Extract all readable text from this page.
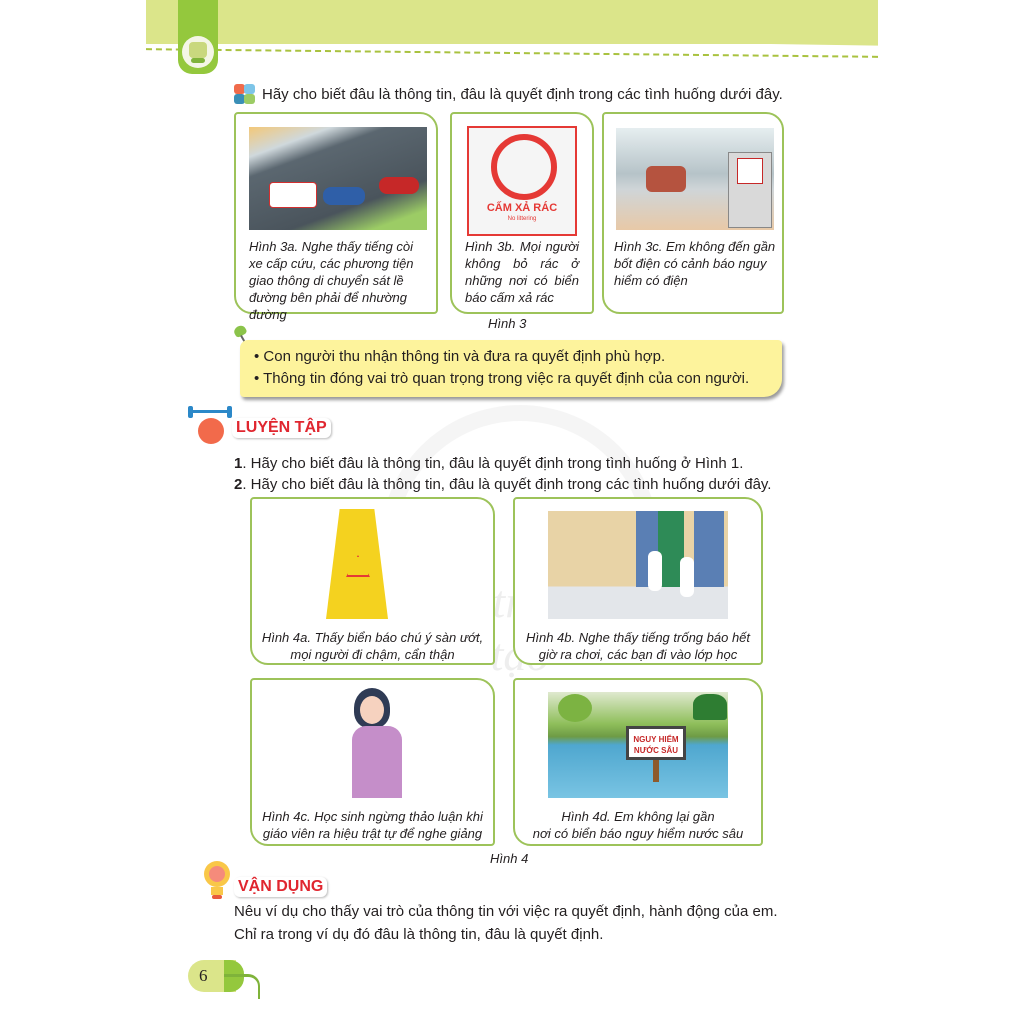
Hãy cho biết đâu là thông tin, đâu là quyết định trong các tình huống dưới đây.
Hình 3a. Nghe thấy tiếng còi xe cấp cứu, các phương tiện giao thông di chuyển sát lề đường bên phải để nhường đường
CẤM XẢ RÁC
No littering
Hình 3b. Mọi người không bỏ rác ở những nơi có biển báo cấm xả rác
Hình 3c. Em không đến gần bốt điện có cảnh báo nguy hiểm có điện
Hình 3

• Con người thu nhận thông tin và đưa ra quyết định phù hợp.

• Thông tin đóng vai trò quan trọng trong việc ra quyết định của con người.

LUYỆN TẬP
1. Hãy cho biết đâu là thông tin, đâu là quyết định trong tình huống ở Hình 1.
2. Hãy cho biết đâu là thông tin, đâu là quyết định trong các tình huống dưới đây.
Hình 4a. Thấy biển báo chú ý sàn ướt,
mọi người đi chậm, cẩn thận
Hình 4b. Nghe thấy tiếng trống báo hết
giờ ra chơi, các bạn đi vào lớp học
Hình 4c. Học sinh ngừng thảo luận khi
giáo viên ra hiệu trật tự để nghe giảng
NGUY HIỂM
NƯỚC SÂU
Hình 4d. Em không lại gần
nơi có biển báo nguy hiểm nước sâu
Hình 4
VẬN DỤNG
Nêu ví dụ cho thấy vai trò của thông tin với việc ra quyết định, hành động của em.
Chỉ ra trong ví dụ đó đâu là thông tin, đâu là quyết định.
6
